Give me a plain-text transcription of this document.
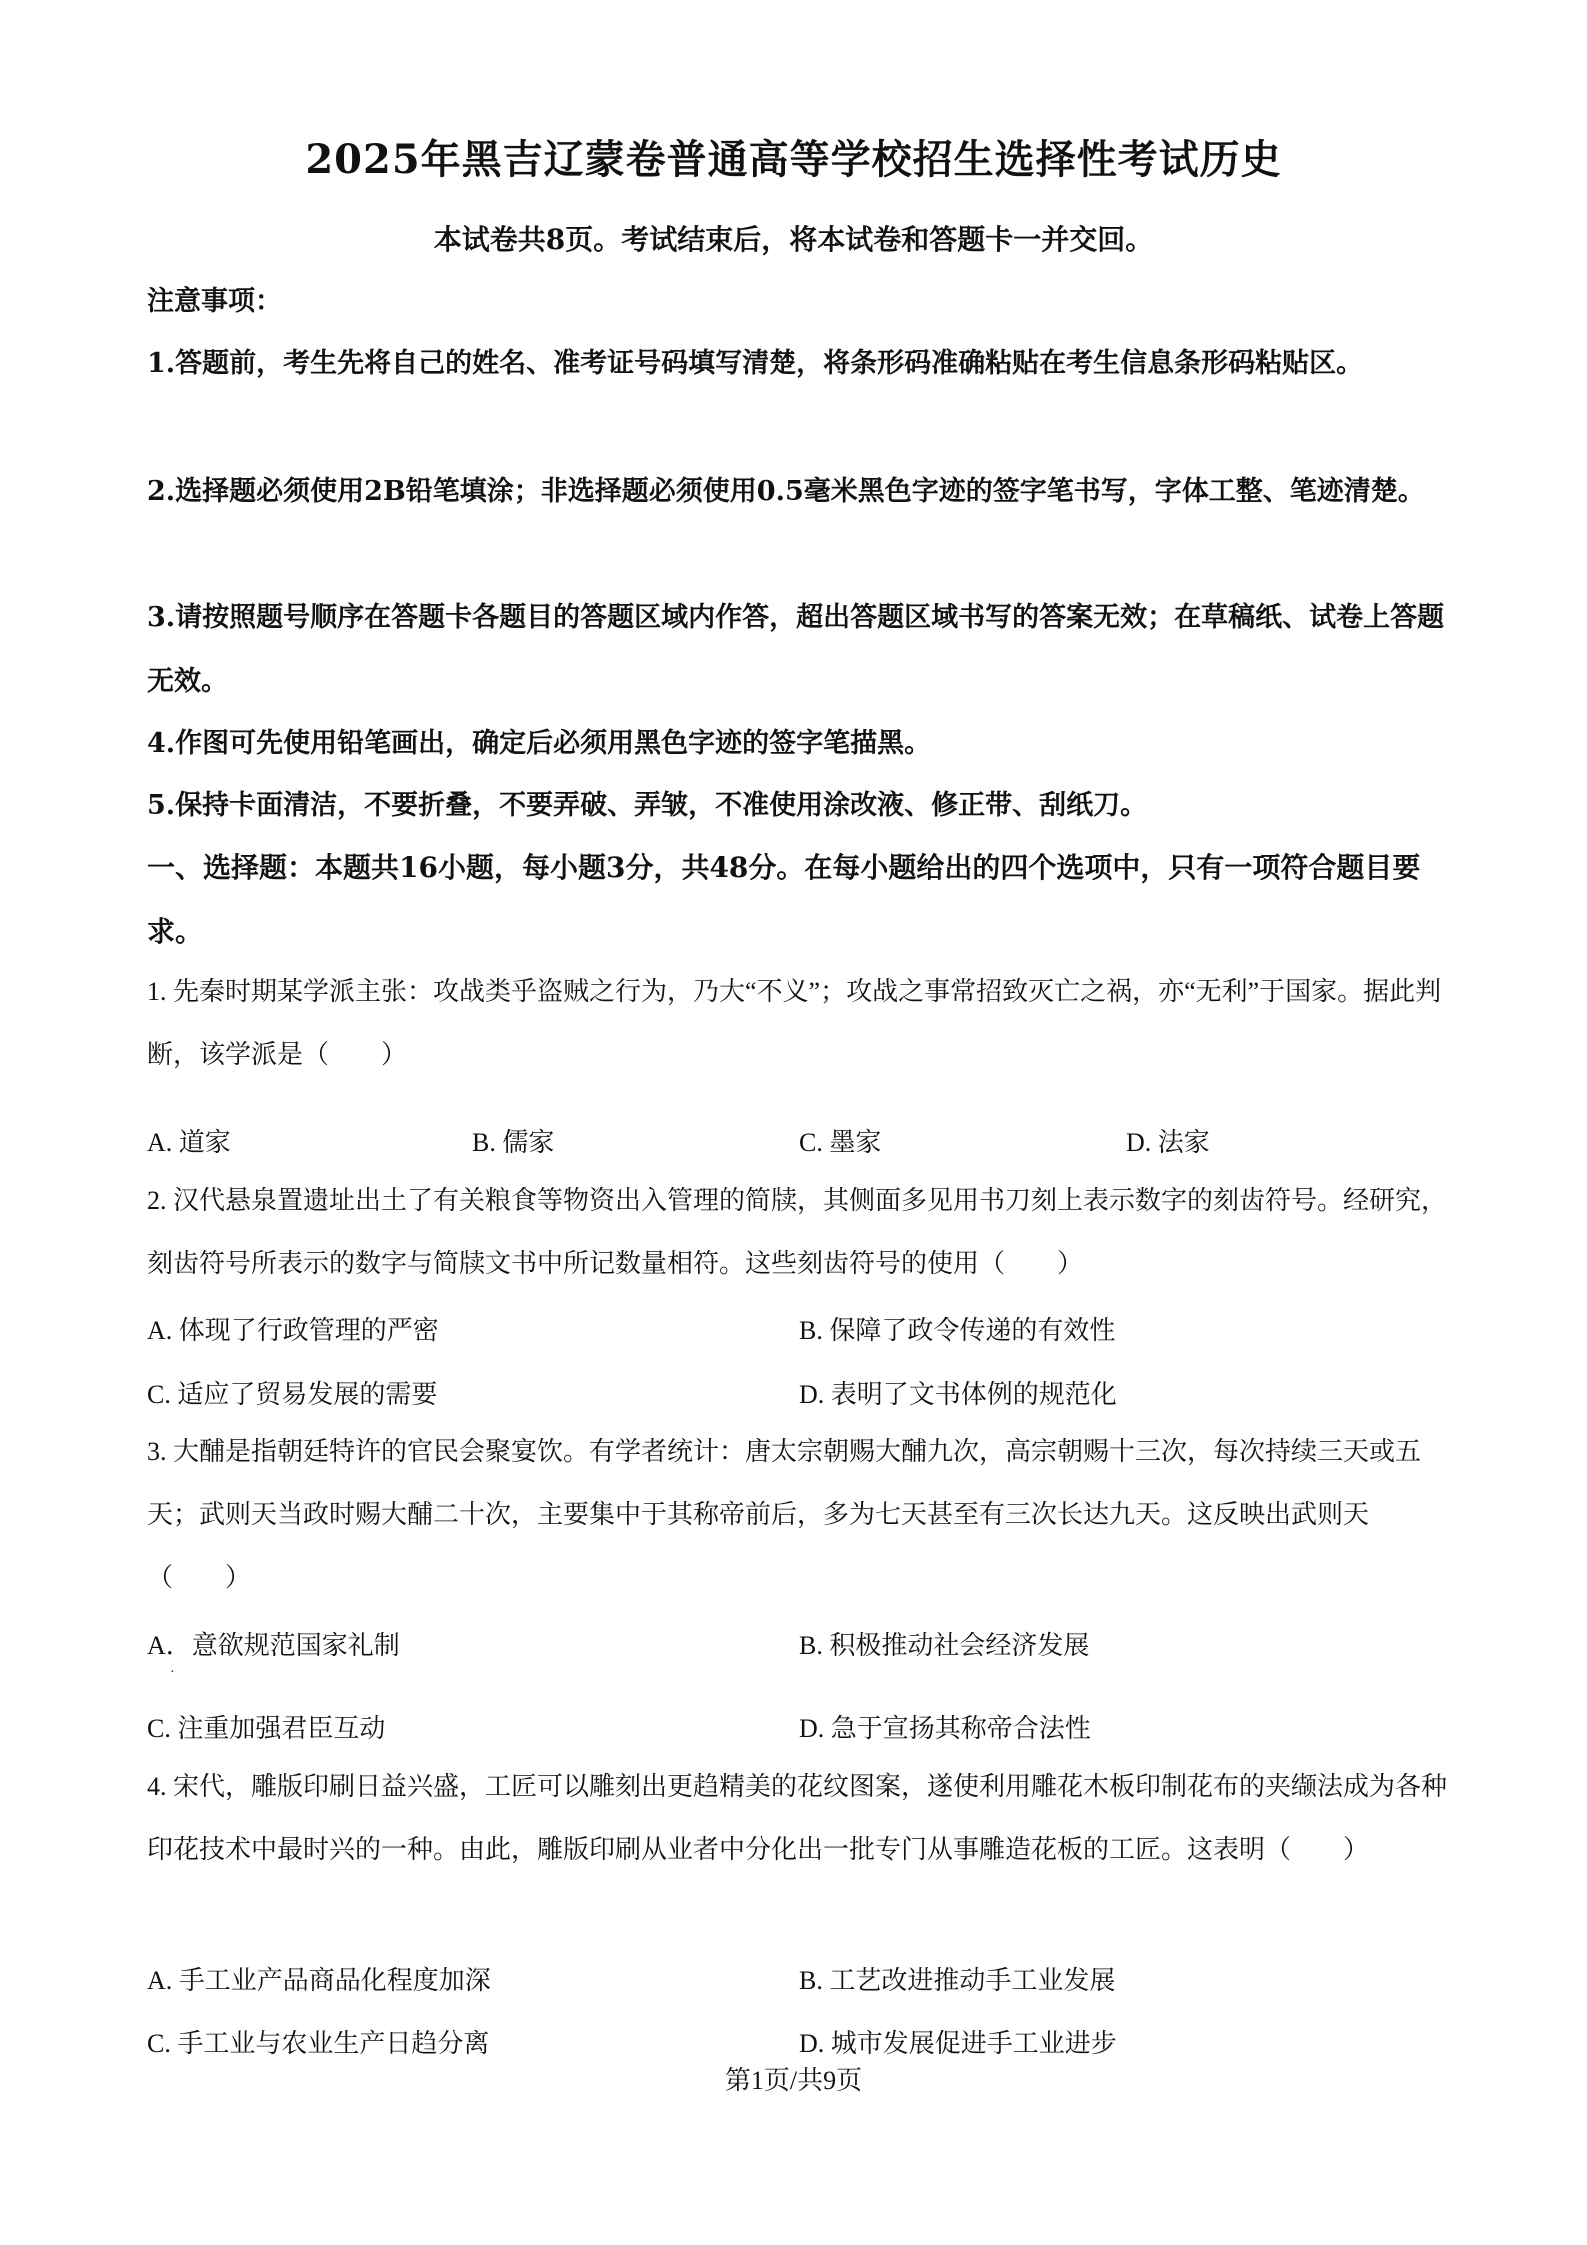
2025年黑吉辽蒙卷普通高等学校招生选择性考试历史
本试卷共8页。考试结束后，将本试卷和答题卡一并交回。
注意事项：
1.答题前，考生先将自己的姓名、准考证号码填写清楚，将条形码准确粘贴在考生信息条形码粘贴区。
2.选择题必须使用2B铅笔填涂；非选择题必须使用0.5毫米黑色字迹的签字笔书写，字体工整、笔迹清楚。
3.请按照题号顺序在答题卡各题目的答题区域内作答，超出答题区域书写的答案无效；在草稿纸、试卷上答题无效。
4.作图可先使用铅笔画出，确定后必须用黑色字迹的签字笔描黑。
5.保持卡面清洁，不要折叠，不要弄破、弄皱，不准使用涂改液、修正带、刮纸刀。
一、选择题：本题共16小题，每小题3分，共48分。在每小题给出的四个选项中，只有一项符合题目要求。
1. 先秦时期某学派主张：攻战类乎盗贼之行为，乃大“不义”；攻战之事常招致灭亡之祸，亦“无利”于国家。据此判断，该学派是（　　）
A. 道家	B. 儒家	C. 墨家	D. 法家
2. 汉代悬泉置遗址出土了有关粮食等物资出入管理的简牍，其侧面多见用书刀刻上表示数字的刻齿符号。经研究，刻齿符号所表示的数字与简牍文书中所记数量相符。这些刻齿符号的使用（　　）
A. 体现了行政管理的严密	B. 保障了政令传递的有效性
C. 适应了贸易发展的需要	D. 表明了文书体例的规范化
3. 大酺是指朝廷特许的官民会聚宴饮。有学者统计：唐太宗朝赐大酺九次，高宗朝赐十三次，每次持续三天或五天；武则天当政时赐大酺二十次，主要集中于其称帝前后，多为七天甚至有三次长达九天。这反映出武则天（　　）
A．意欲规范国家礼制	B. 积极推动社会经济发展
·
C. 注重加强君臣互动	D. 急于宣扬其称帝合法性
4. 宋代，雕版印刷日益兴盛，工匠可以雕刻出更趋精美的花纹图案，遂使利用雕花木板印制花布的夹缬法成为各种印花技术中最时兴的一种。由此，雕版印刷从业者中分化出一批专门从事雕造花板的工匠。这表明（　　）
A. 手工业产品商品化程度加深	B. 工艺改进推动手工业发展
C. 手工业与农业生产日趋分离	D. 城市发展促进手工业进步
第1页/共9页
